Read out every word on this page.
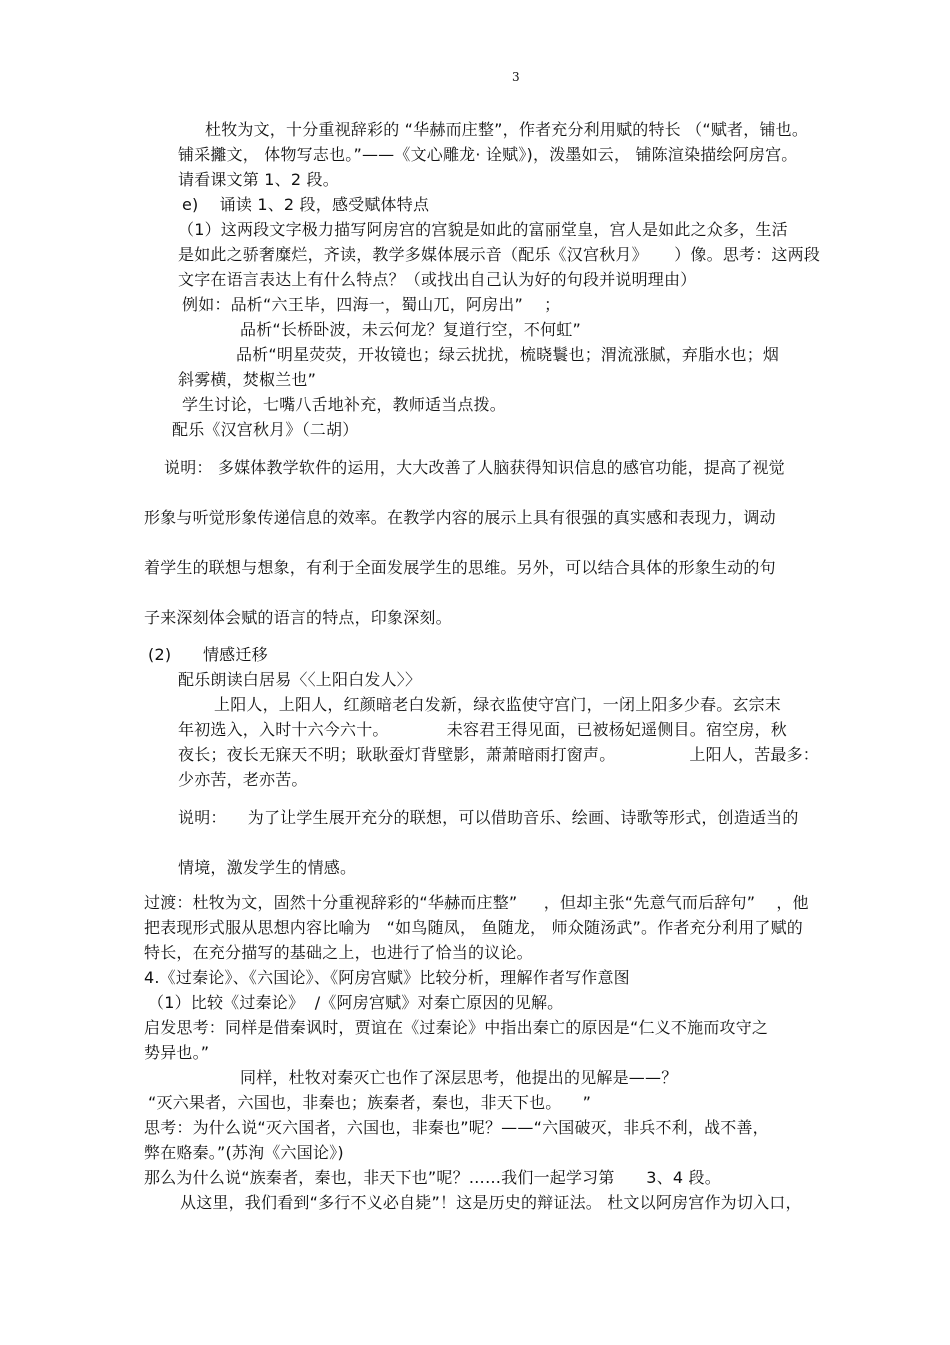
3
杜牧为文，十分重视辞彩的 “华赫而庄整”，作者充分利用赋的特长 （“赋者，铺也。
铺采攡文， 体物写志也。”——《文心雕龙· 诠赋》)，泼墨如云， 铺陈渲染描绘阿房宫。
请看课文第 1、2 段。
e)    诵读 1、2 段，感受赋体特点
（1）这两段文字极力描写阿房宫的宫貌是如此的富丽堂皇，宫人是如此之众多，生活
是如此之骄奢糜烂，齐读，教学多媒体展示音（配乐《汉宫秋月》     ）像。思考：这两段
文字在语言表达上有什么特点？（或找出自己认为好的句段并说明理由）
例如：品析“六王毕，四海一，蜀山兀，阿房出”    ；
品析“长桥卧波，未云何龙？复道行空，不何虹”
品析“明星荧荧，开妆镜也；绿云扰扰，梳晓鬟也；渭流涨腻，弃脂水也；烟
斜雾横，焚椒兰也”
学生讨论，七嘴八舌地补充，教师适当点拨。
配乐《汉宫秋月》（二胡）
说明： 多媒体教学软件的运用，大大改善了人脑获得知识信息的感官功能，提高了视觉
形象与听觉形象传递信息的效率。在教学内容的展示上具有很强的真实感和表现力，调动
着学生的联想与想象，有利于全面发展学生的思维。另外，可以结合具体的形象生动的句
子来深刻体会赋的语言的特点，印象深刻。
(2)      情感迁移
配乐朗读白居易〈〈上阳白发人〉〉
上阳人，上阳人，红颜暗老白发新，绿衣监使守宫门，一闭上阳多少春。玄宗末
年初选入，入时十六今六十。           未容君王得见面，已被杨妃遥侧目。宿空房，秋
夜长；夜长无寐天不明；耿耿蚕灯背壁影，萧萧暗雨打窗声。              上阳人，苦最多：
少亦苦，老亦苦。
说明：    为了让学生展开充分的联想，可以借助音乐、绘画、诗歌等形式，创造适当的
情境，激发学生的情感。
过渡：杜牧为文，固然十分重视辞彩的“华赫而庄整”     ，但却主张“先意气而后辞句”    ，他
把表现形式服从思想内容比喻为   “如鸟随凤， 鱼随龙， 师众随汤武”。作者充分利用了赋的
特长，在充分描写的基础之上，也进行了恰当的议论。
4.《过秦论》、《六国论》、《阿房宫赋》比较分析，理解作者写作意图
（1）比较《过秦论》  /《阿房宫赋》对秦亡原因的见解。
启发思考：同样是借秦讽时，贾谊在《过秦论》中指出秦亡的原因是“仁义不施而攻守之
势异也。”
同样，杜牧对秦灭亡也作了深层思考，他提出的见解是——？
“灭六果者，六国也，非秦也；族秦者，秦也，非天下也。    ”
思考：为什么说“灭六国者，六国也，非秦也”呢？——“六国破灭，非兵不利，战不善，
弊在赂秦。”(苏洵《六国论》)
那么为什么说“族秦者，秦也，非天下也”呢？……我们一起学习第      3、4 段。
从这里，我们看到“多行不义必自毙”！这是历史的辩证法。 杜文以阿房宫作为切入口，
